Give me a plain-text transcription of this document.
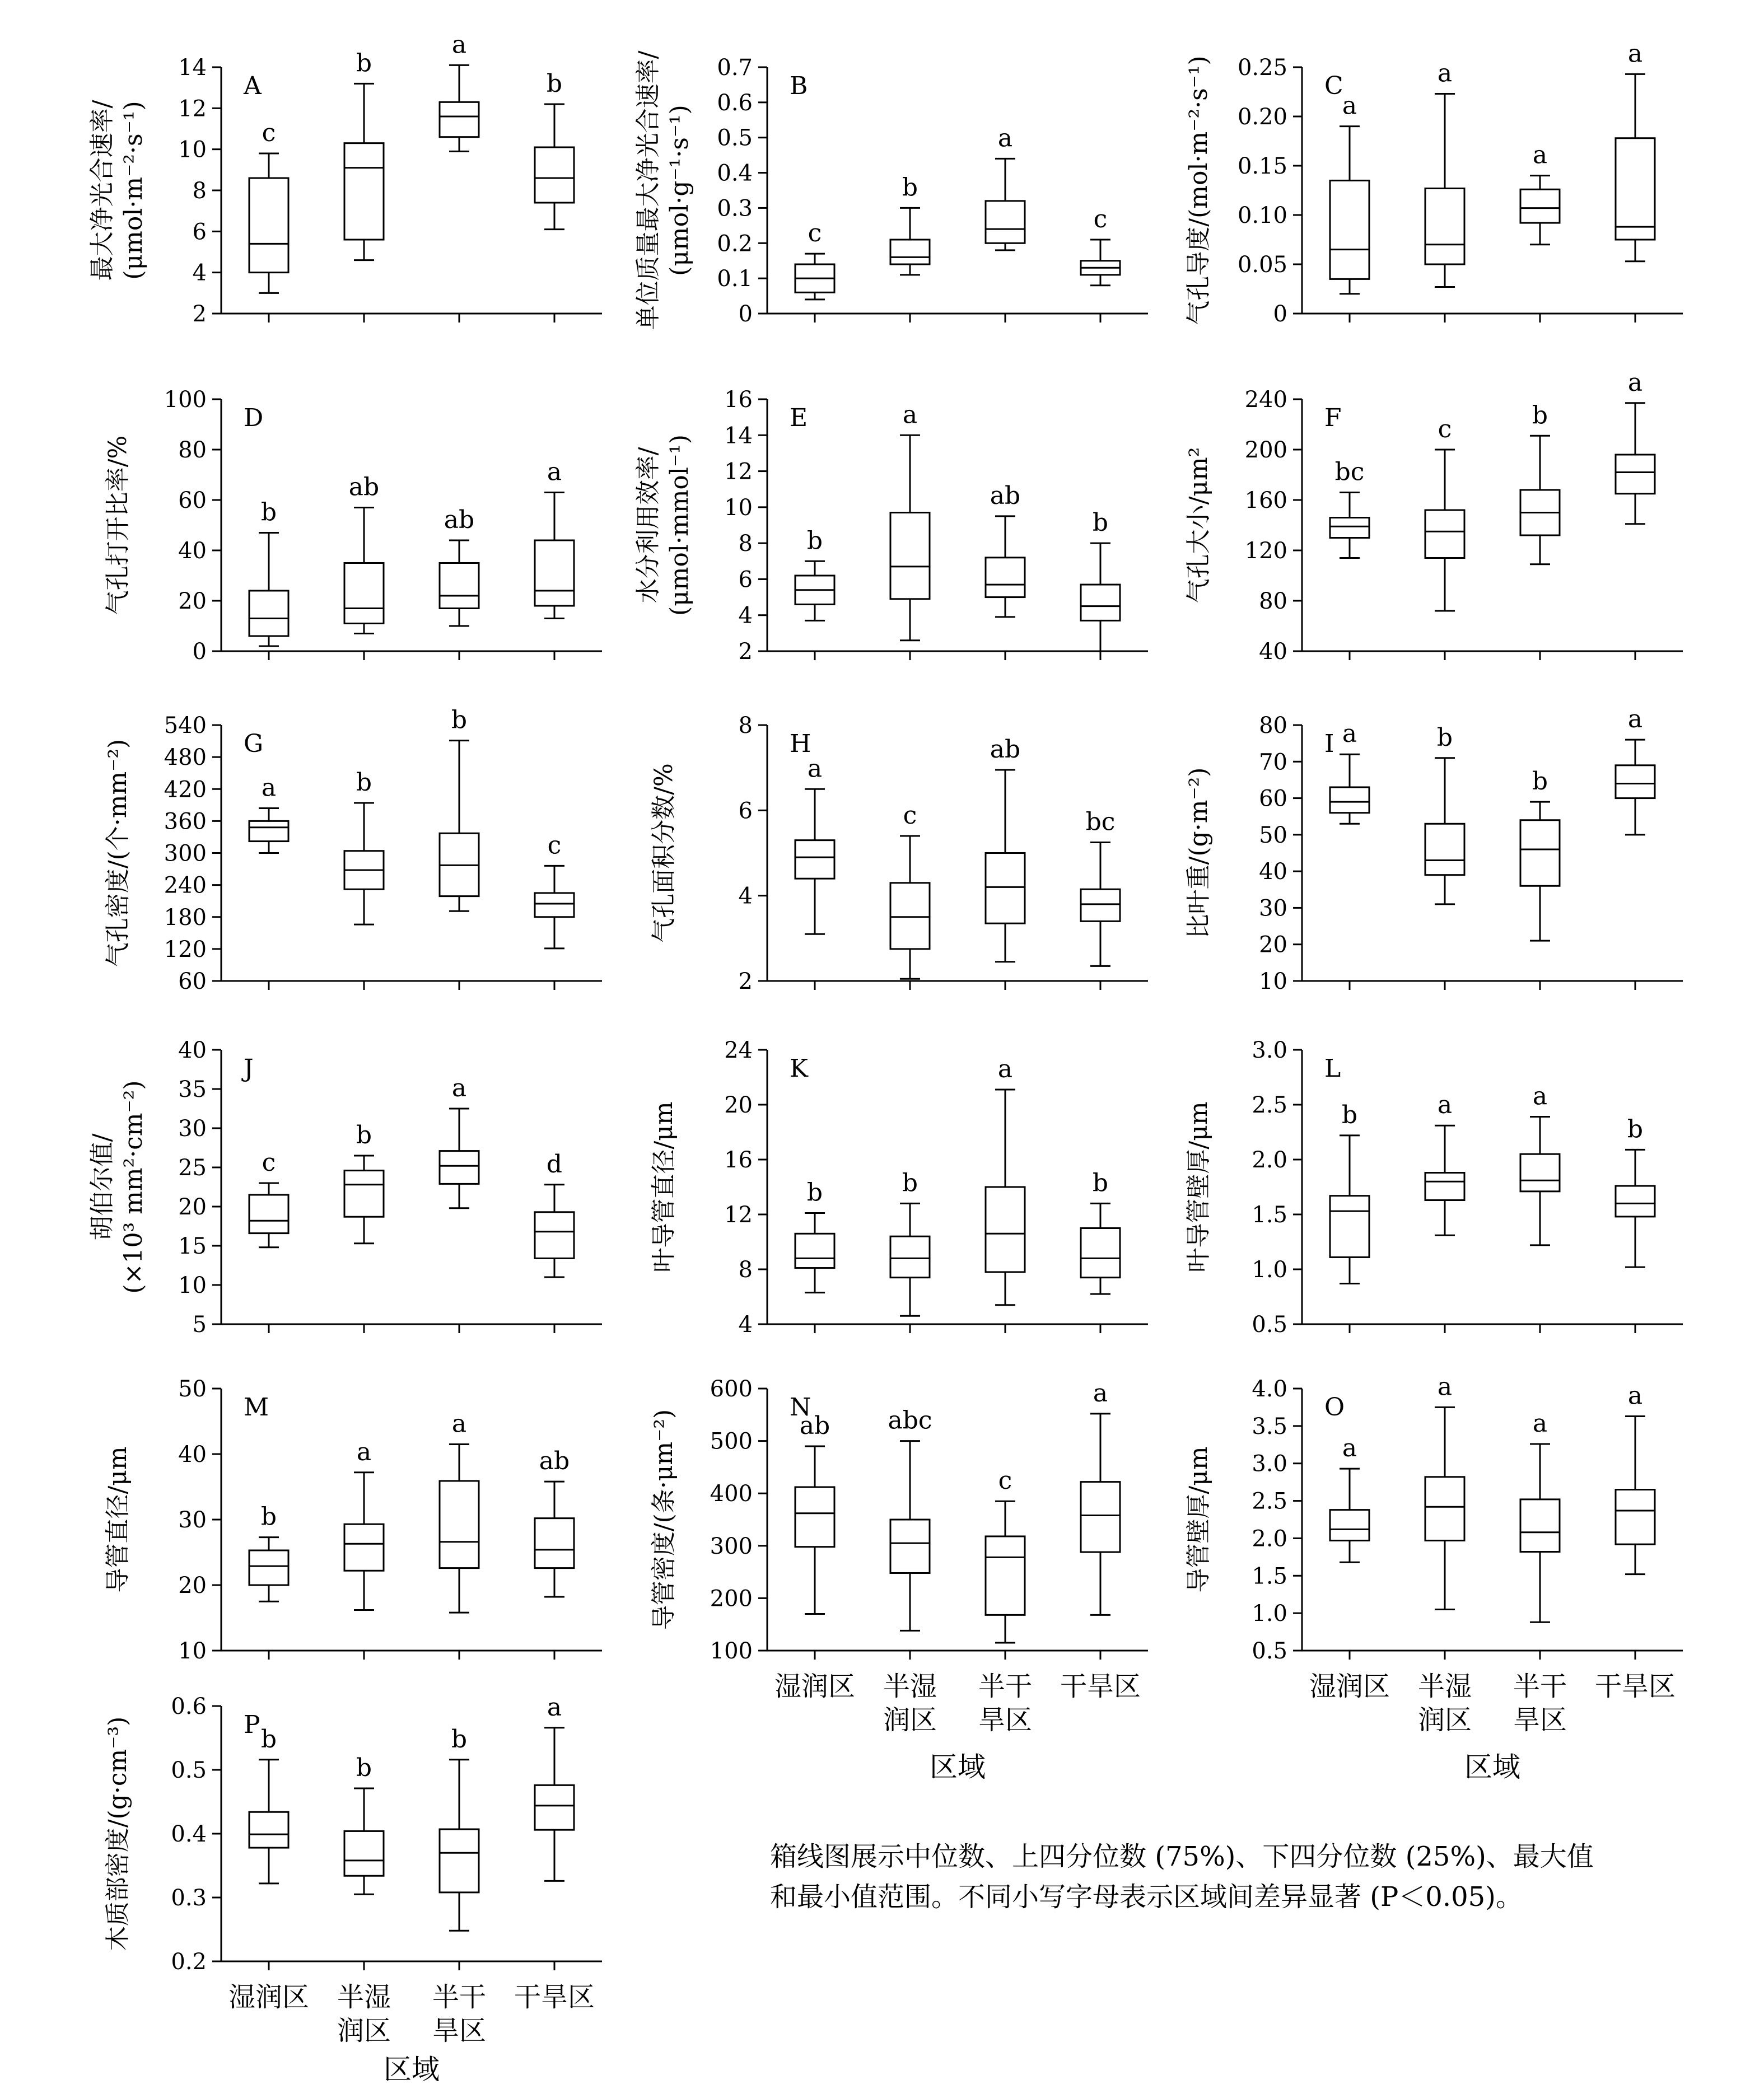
2
4
6
8
10
12
14
A
最大净光合速率/ (μmol·m⁻²·s⁻¹)	c
b
a
b
0
0.1
0.2
0.3
0.4
0.5
0.6
0.7
B
单位质量最大净光合速率/ (μmol·g⁻¹·s⁻¹)	c
b
a
c
0
0.05
0.10
0.15
0.20
0.25
C
气孔导度/(mol·m⁻²·s⁻¹)	a
a
a
a
0
20
40
60
80
100
D
气孔打开比率/%	b
ab
ab
a
2
4
6
8
10
12
14
16
E
水分利用效率/ (μmol·mmol⁻¹)	b
a
ab
b
40
80
120
160
200
240
F
气孔大小/μm²	bc
c	b
a
60
120
180
240
300
360
420
480
540
G
气孔密度/(个·mm⁻²)	a	b
b
c
2
4
6
8
H
气孔面积分数/%	a
c
ab
bc
10
20
30
40
50
60
70
80
I
比叶重/(g·m⁻²)
a	b
b
a
5
10
15
20
25
30
35
40
J
胡伯尔值/ (×10³ mm²·cm⁻²)	c
b
a
d
4
8
12
16
20
24
K
叶导管直径/μm	b	b
a
b
0.5
1.0
1.5
2.0
2.5
3.0
L
叶导管壁厚/μm	b	a	a
b
10
20
30
40
50
M
导管直径/μm	b
a
a
ab
100
200
300
400
500
600
N
导管密度/(条·μm⁻²)	ab abc
c
a
湿润区 半湿
润区
半干
旱区
干旱区
区域
0.5
1.0
1.5
2.0
2.5
3.0
3.5
4.0
O
导管壁厚/μm	a
a
a
a
湿润区 半湿
润区
半干
旱区
干旱区
区域
0.2
0.3
0.4
0.5
0.6
P
木质部密度/(g·cm⁻³)	b
b
b
a
湿润区 半湿
润区
半干
旱区
干旱区
区域
箱线图展示中位数、上四分位数 (75%)、下四分位数 (25%)、最大值
和最小值范围。不同小写字母表示区域间差异显著 (P＜0.05)。
